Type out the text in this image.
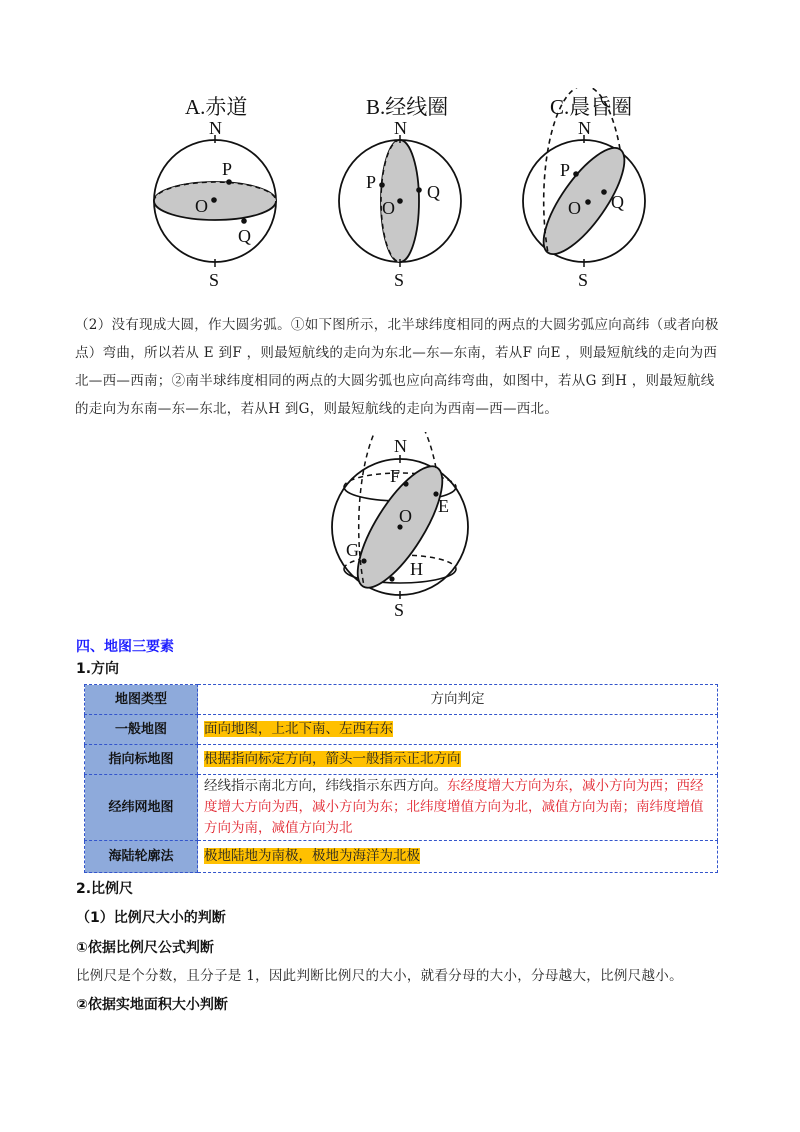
A.赤道
N
S
P
O
Q
B.经线圈
N
S
P
O
Q
C.晨昏圈
N
S
P
O Q
（2）没有现成大圆，作大圆劣弧。①如下图所示，北半球纬度相同的两点的大圆劣弧应向高纬（或者向极点）弯曲，所以若从 E 到F ，则最短航线的走向为东北—东—东南，若从F 向E ，则最短航线的走向为西北—西—西南；②南半球纬度相同的两点的大圆劣弧也应向高纬弯曲，如图中，若从G 到H ，则最短航线的走向为东南—东—东北，若从H 到G，则最短航线的走向为西南—西—西北。
N
S
F
E
O
G
H
四、地图三要素
1.方向
地图类型	方向判定
一般地图	面向地图，上北下南、左西右东
指向标地图	根据指向标定方向，箭头一般指示正北方向
经纬网地图	经线指示南北方向，纬线指示东西方向。东经度增大方向为东，减小方向为西；西经度增大方向为西，减小方向为东；北纬度增值方向为北，减值方向为南；南纬度增值方向为南，减值方向为北
海陆轮廓法	极地陆地为南极，极地为海洋为北极
2.比例尺
（1）比例尺大小的判断
①依据比例尺公式判断
比例尺是个分数，且分子是 1，因此判断比例尺的大小，就看分母的大小，分母越大，比例尺越小。
②依据实地面积大小判断
